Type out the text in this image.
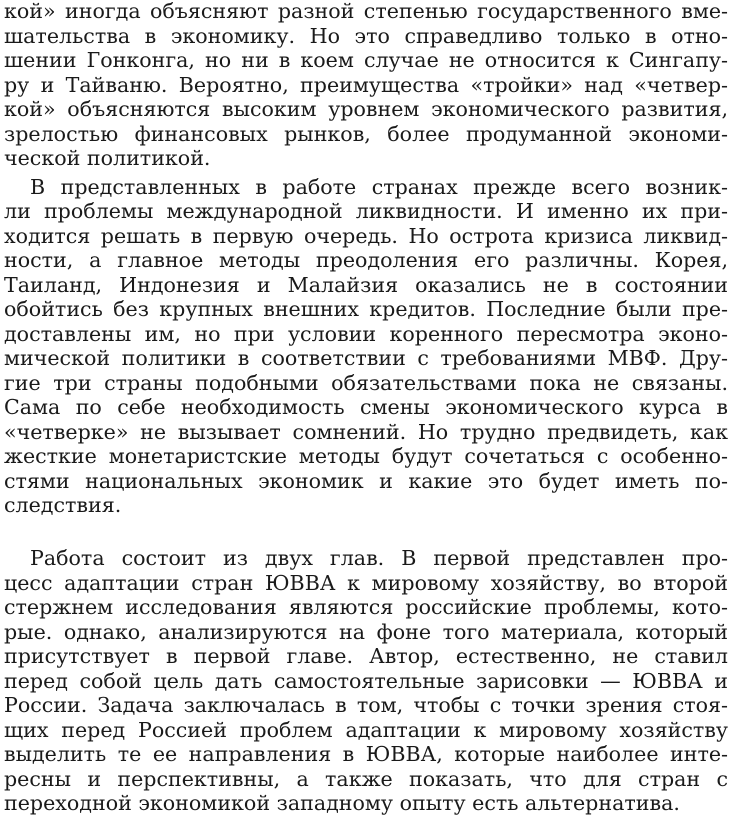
кой» иногда объясняют разной степенью государственного вме-
шательства в экономику. Но это справедливо только в отно-
шении Гонконга, но ни в коем случае не относится к Сингапу-
ру и Тайваню. Вероятно, преимущества «тройки» над «четвер-
кой» объясняются высоким уровнем экономического развития,
зрелостью финансовых рынков, более продуманной экономи-
ческой политикой.
В представленных в работе странах прежде всего возник-
ли проблемы международной ликвидности. И именно их при-
ходится решать в первую очередь. Но острота кризиса ликвид-
ности, а главное методы преодоления его различны. Корея,
Таиланд, Индонезия и Малайзия оказались не в состоянии
обойтись без крупных внешних кредитов. Последние были пре-
доставлены им, но при условии коренного пересмотра эконо-
мической политики в соответствии с требованиями МВФ. Дру-
гие три страны подобными обязательствами пока не связаны.
Сама по себе необходимость смены экономического курса в
«четверке» не вызывает сомнений. Но трудно предвидеть, как
жесткие монетаристские методы будут сочетаться с особенно-
стями национальных экономик и какие это будет иметь по-
следствия.
Работа состоит из двух глав. В первой представлен про-
цесс адаптации стран ЮВВА к мировому хозяйству, во второй
стержнем исследования являются российские проблемы, кото-
рые. однако, анализируются на фоне того материала, который
присутствует в первой главе. Автор, естественно, не ставил
перед собой цель дать самостоятельные зарисовки — ЮВВА и
России. Задача заключалась в том, чтобы с точки зрения стоя-
щих перед Россией проблем адаптации к мировому хозяйству
выделить те ее направления в ЮВВА, которые наиболее инте-
ресны и перспективны, а также показать, что для стран с
переходной экономикой западному опыту есть альтернатива.
